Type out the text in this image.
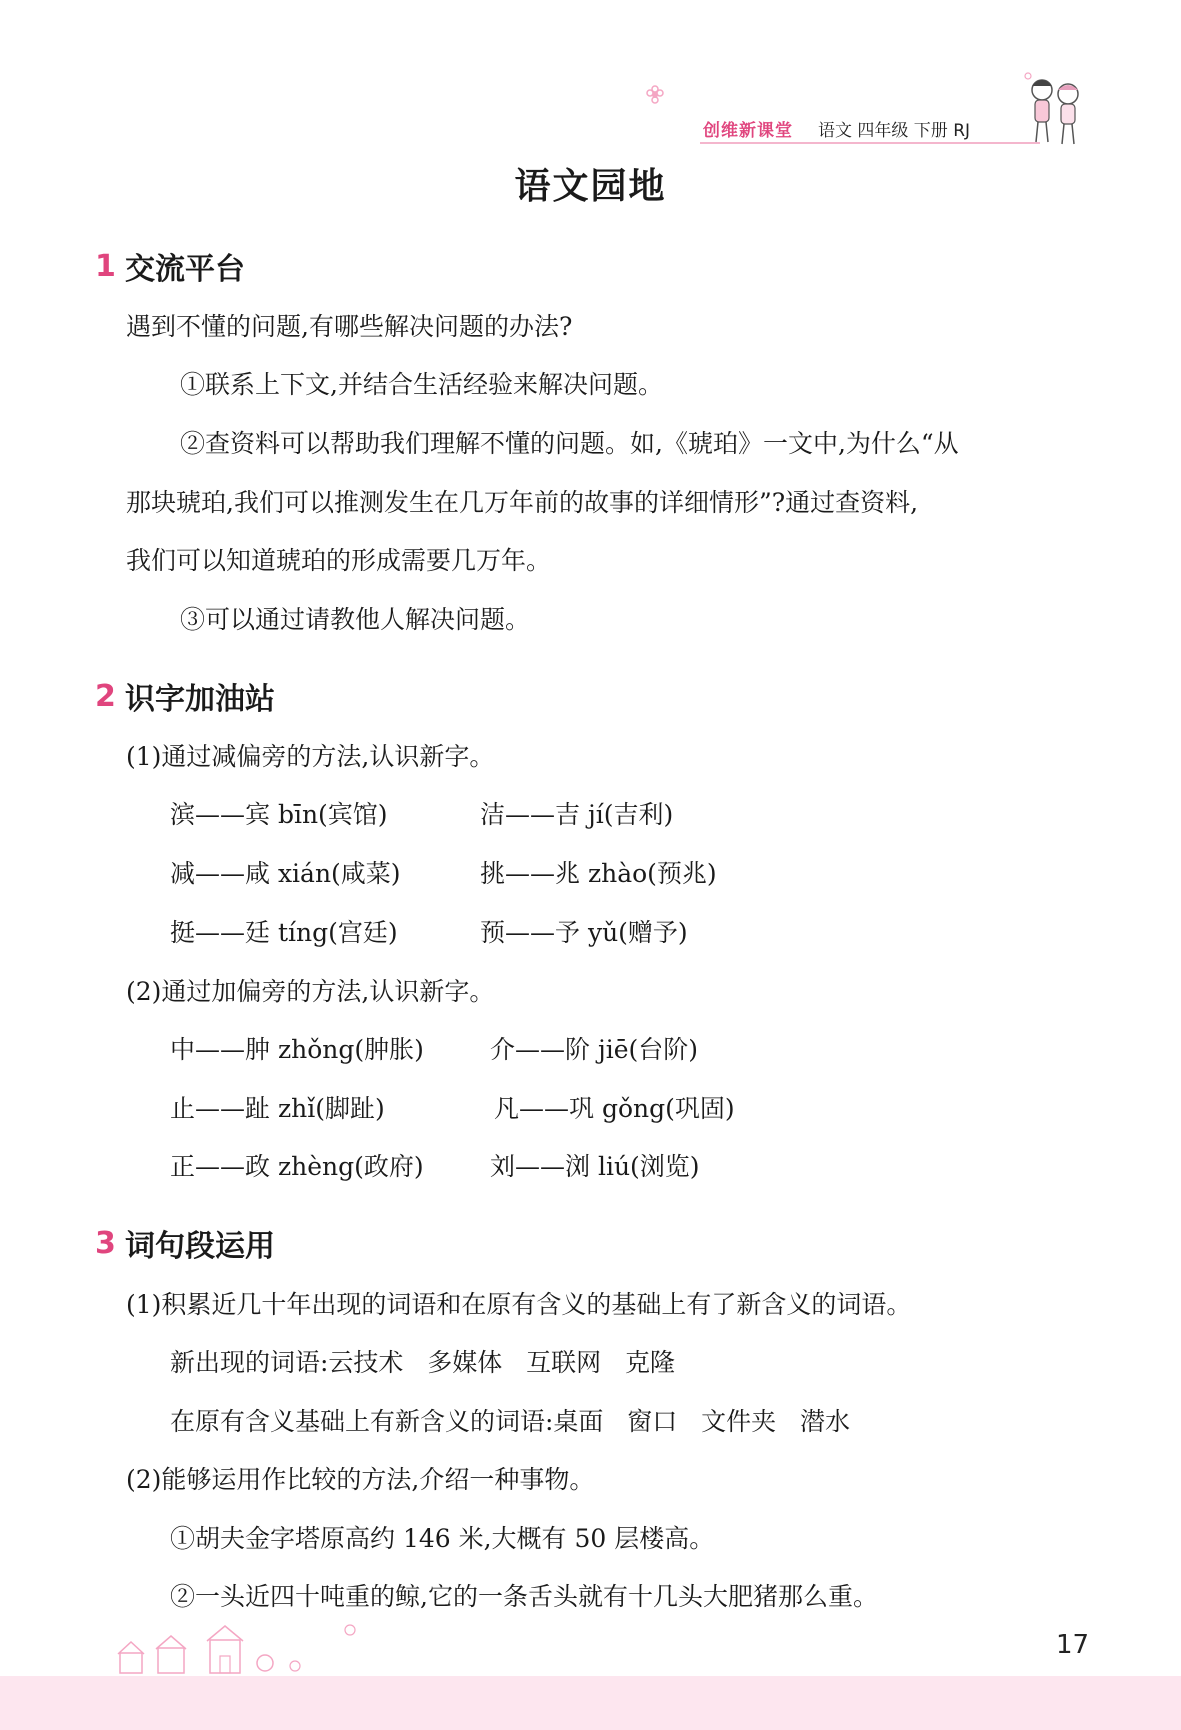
创维新课堂 语文 四年级 下册 RJ
语文园地
1 交流平台
遇到不懂的问题,有哪些解决问题的办法?
①联系上下文,并结合生活经验来解决问题。
②查资料可以帮助我们理解不懂的问题。如,《琥珀》一文中,为什么“从
那块琥珀,我们可以推测发生在几万年前的故事的详细情形”?通过查资料,
我们可以知道琥珀的形成需要几万年。
③可以通过请教他人解决问题。
2 识字加油站
(1)通过减偏旁的方法,认识新字。
滨——宾 bīn(宾馆)	洁——吉 jí(吉利)
减——咸 xián(咸菜)	挑——兆 zhào(预兆)
挺——廷 tíng(宫廷)	预——予 yǔ(赠予)
(2)通过加偏旁的方法,认识新字。
中——肿 zhǒng(肿胀)	介——阶 jiē(台阶)
止——趾 zhǐ(脚趾)	凡——巩 gǒng(巩固)
正——政 zhèng(政府)	刘——浏 liú(浏览)
3 词句段运用
(1)积累近几十年出现的词语和在原有含义的基础上有了新含义的词语。
新出现的词语:云技术   多媒体   互联网   克隆
在原有含义基础上有新含义的词语:桌面   窗口   文件夹   潜水
(2)能够运用作比较的方法,介绍一种事物。
①胡夫金字塔原高约 146 米,大概有 50 层楼高。
②一头近四十吨重的鲸,它的一条舌头就有十几头大肥猪那么重。
17
